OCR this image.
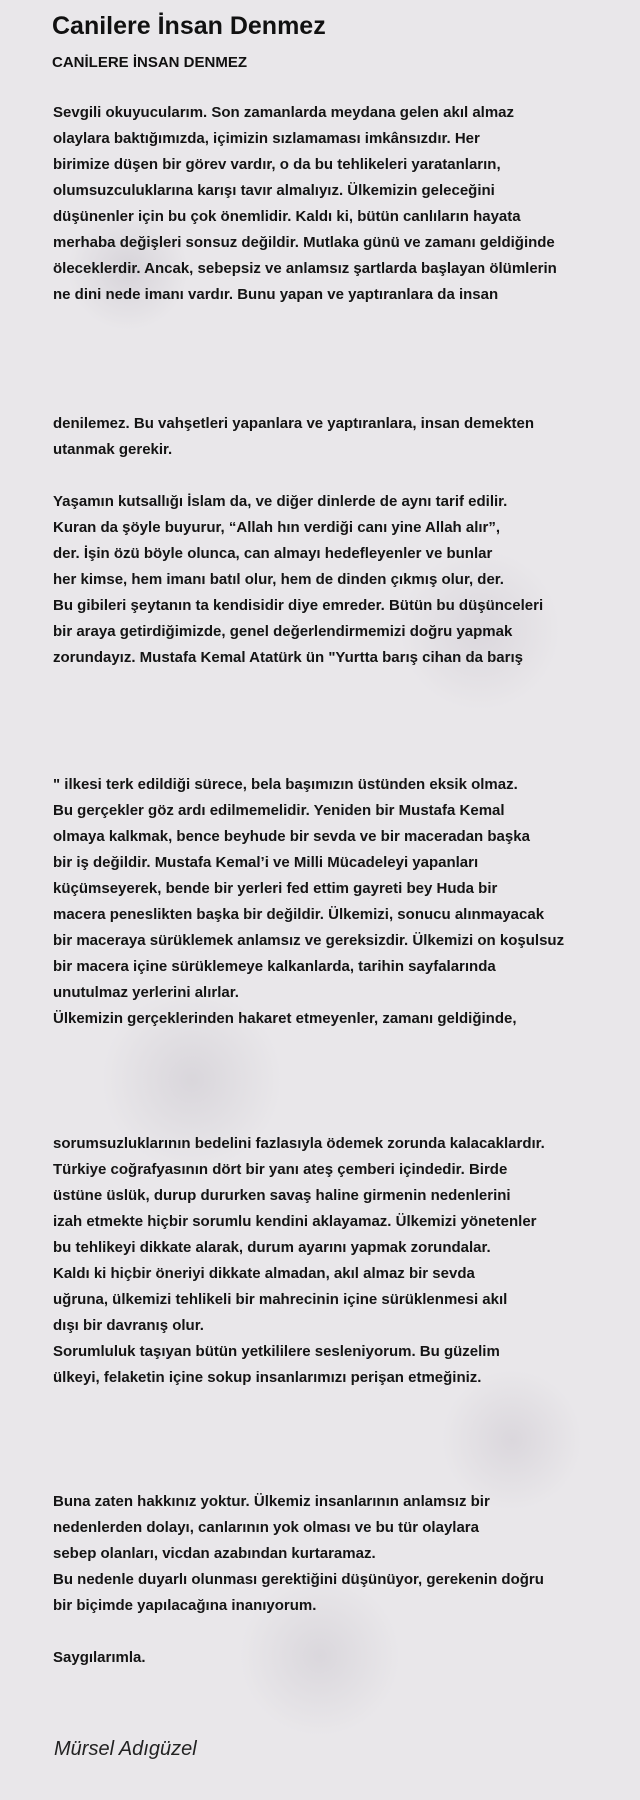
Canilere İnsan Denmez
CANİLERE İNSAN DENMEZ
Sevgili okuyucularım. Son zamanlarda meydana gelen akıl almaz
olaylara baktığımızda, içimizin sızlamaması imkânsızdır. Her
birimize düşen bir görev vardır, o da bu tehlikeleri yaratanların,
olumsuzculuklarına karışı tavır almalıyız. Ülkemizin geleceğini
düşünenler için bu çok önemlidir. Kaldı ki, bütün canlıların hayata
merhaba değişleri sonsuz değildir. Mutlaka günü ve zamanı geldiğinde
öleceklerdir. Ancak, sebepsiz ve anlamsız şartlarda başlayan ölümlerin
ne dini nede imanı vardır. Bunu yapan ve yaptıranlara da insan
denilemez. Bu vahşetleri yapanlara ve yaptıranlara, insan demekten
utanmak gerekir.
Yaşamın kutsallığı İslam da, ve diğer dinlerde de aynı tarif edilir.
Kuran da şöyle buyurur, “Allah hın verdiği canı yine Allah alır”,
der. İşin özü böyle olunca, can almayı hedefleyenler ve bunlar
her kimse, hem imanı batıl olur, hem de dinden çıkmış olur, der.
Bu gibileri şeytanın ta kendisidir diye emreder. Bütün bu düşünceleri
bir araya getirdiğimizde, genel değerlendirmemizi doğru yapmak
zorundayız. Mustafa Kemal Atatürk ün "Yurtta barış cihan da barış
" ilkesi terk edildiği sürece, bela başımızın üstünden eksik olmaz.
Bu gerçekler göz ardı edilmemelidir. Yeniden bir Mustafa Kemal
olmaya kalkmak, bence beyhude bir sevda ve bir maceradan başka
bir iş değildir. Mustafa Kemal’i ve Milli Mücadeleyi yapanları
küçümseyerek, bende bir yerleri fed ettim gayreti bey Huda bir
macera peneslikten başka bir değildir. Ülkemizi, sonucu alınmayacak
bir maceraya sürüklemek anlamsız ve gereksizdir. Ülkemizi on koşulsuz
bir macera içine sürüklemeye kalkanlarda, tarihin sayfalarında
unutulmaz yerlerini alırlar.
Ülkemizin gerçeklerinden hakaret etmeyenler, zamanı geldiğinde,
sorumsuzluklarının bedelini fazlasıyla ödemek zorunda kalacaklardır.
Türkiye coğrafyasının dört bir yanı ateş çemberi içindedir. Birde
üstüne üslük, durup dururken savaş haline girmenin nedenlerini
izah etmekte hiçbir sorumlu kendini aklayamaz. Ülkemizi yönetenler
bu tehlikeyi dikkate alarak, durum ayarını yapmak zorundalar.
Kaldı ki hiçbir öneriyi dikkate almadan, akıl almaz bir sevda
uğruna, ülkemizi tehlikeli bir mahrecinin içine sürüklenmesi akıl
dışı bir davranış olur.
Sorumluluk taşıyan bütün yetkililere sesleniyorum. Bu güzelim
ülkeyi, felaketin içine sokup insanlarımızı perişan etmeğiniz.
Buna zaten hakkınız yoktur. Ülkemiz insanlarının anlamsız bir
nedenlerden dolayı, canlarının yok olması ve bu tür olaylara
sebep olanları, vicdan azabından kurtaramaz.
Bu nedenle duyarlı olunması gerektiğini düşünüyor, gerekenin doğru
bir biçimde yapılacağına inanıyorum.
Saygılarımla.
Mürsel Adıgüzel
